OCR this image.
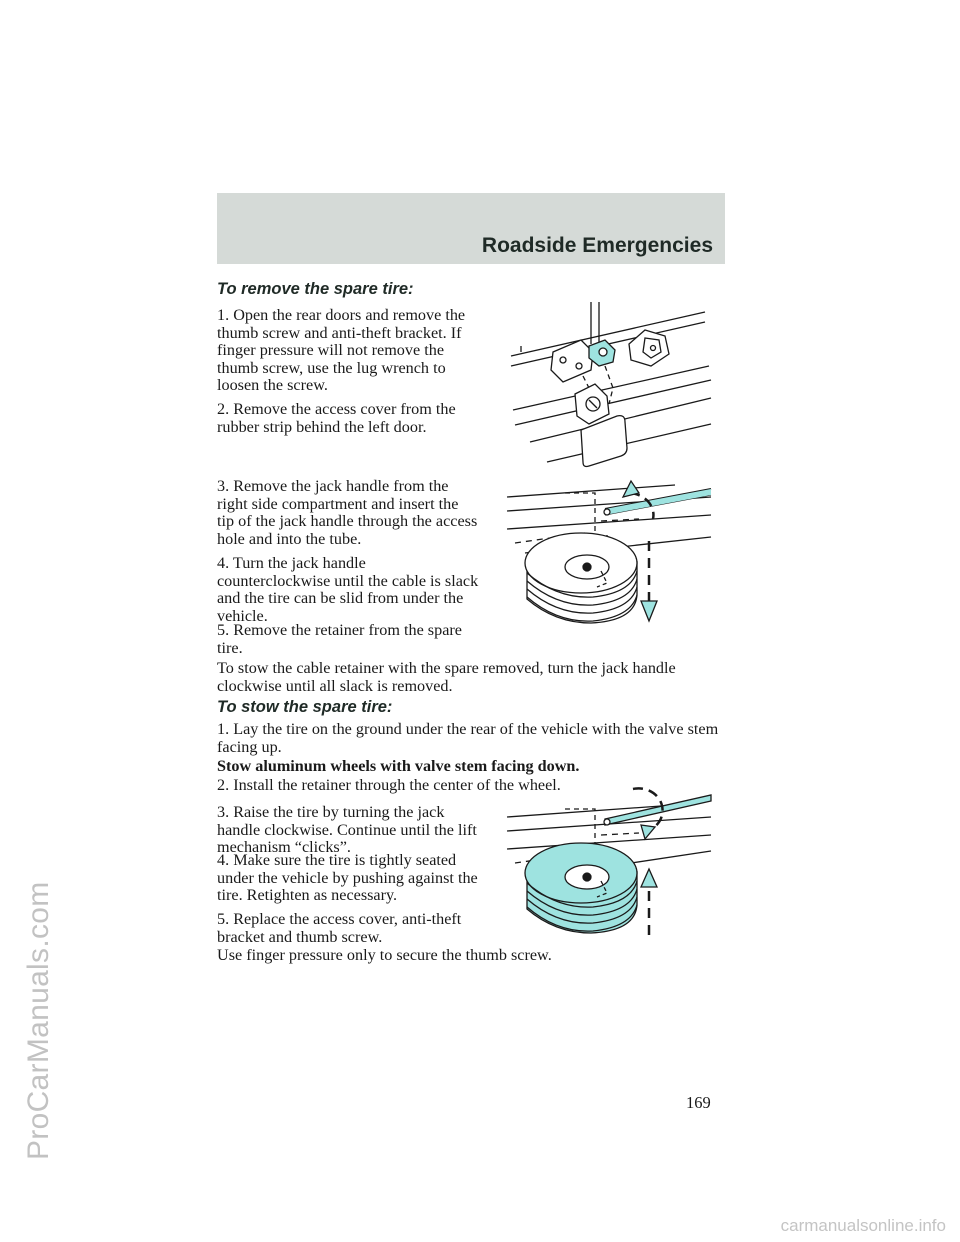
ProCarManuals.com
Roadside Emergencies

To remove the spare tire:

1. Open the rear doors and remove the thumb screw and anti-theft bracket. If finger pressure will not remove the thumb screw, use the lug wrench to loosen the screw.

2. Remove the access cover from the rubber strip behind the left door.

3. Remove the jack handle from the right side compartment and insert the tip of the jack handle through the access hole and into the tube.

4. Turn the jack handle counterclockwise until the cable is slack and the tire can be slid from under the vehicle.

5. Remove the retainer from the spare tire.

To stow the cable retainer with the spare removed, turn the jack handle clockwise until all slack is removed.

To stow the spare tire:

1. Lay the tire on the ground under the rear of the vehicle with the valve stem facing up.

Stow aluminum wheels with valve stem facing down.

2. Install the retainer through the center of the wheel.

3. Raise the tire by turning the jack handle clockwise. Continue until the lift mechanism “clicks”.

4. Make sure the tire is tightly seated under the vehicle by pushing against the tire. Retighten as necessary.

5. Replace the access cover, anti-theft bracket and thumb screw.

Use finger pressure only to secure the thumb screw.

169
carmanualsonline.info
